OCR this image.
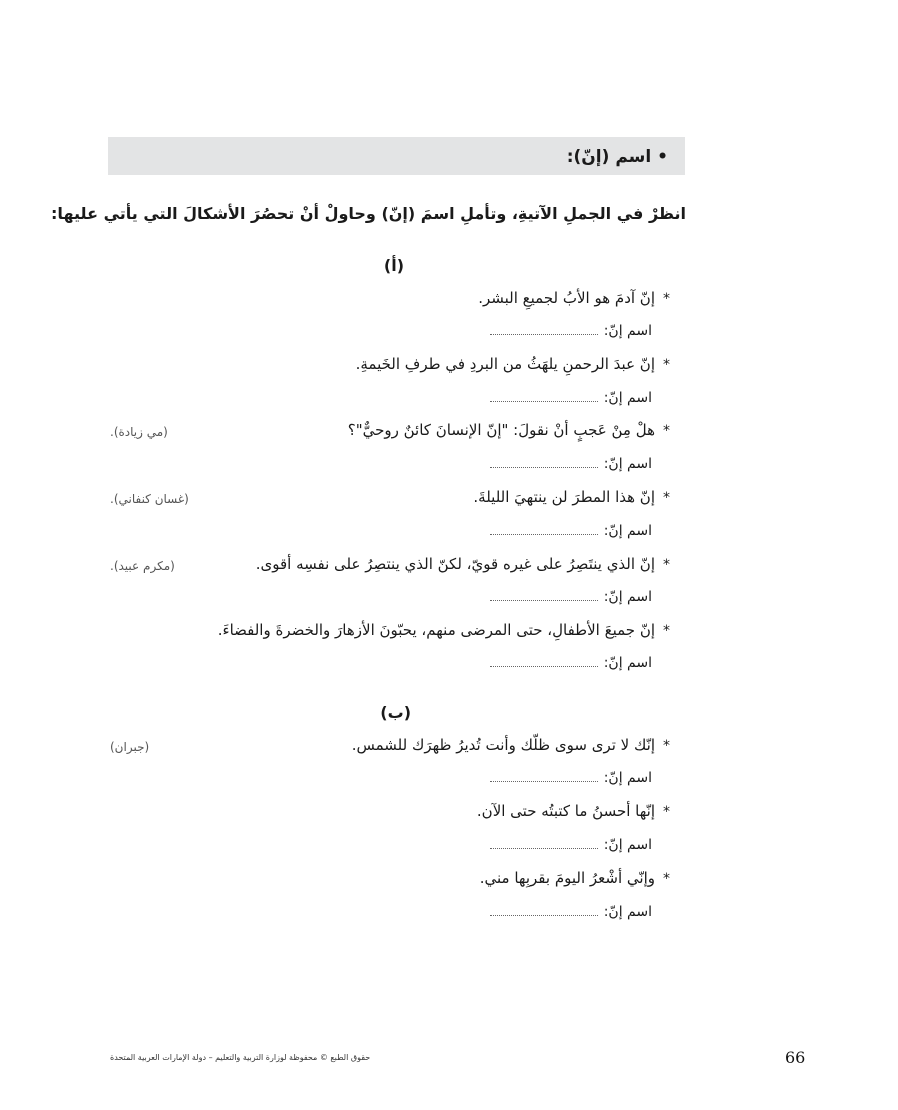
• اسم (إنّ):
انظرْ في الجملِ الآتيةِ، وتأملِ اسمَ (إنّ) وحاولْ أنْ تحصُرَ الأشكالَ التي يأتي عليها:
(أ)
*إنّ آدمَ هو الأبُ لجميعِ البشر.
اسم إنّ:
*إنّ عبدَ الرحمنِ يلهَثُ من البردِ في طرفِ الخَيمةِ.
اسم إنّ:
*هلْ مِنْ عَجبٍ أنْ نقولَ: "إنّ الإنسانَ كائنٌ روحيٌّ"؟
(مي زيادة).
اسم إنّ:
*إنّ هذا المطرَ لن ينتهيَ الليلةَ.
(غسان كنفاني).
اسم إنّ:
*إنّ الذي ينتَصِرُ على غيره قويّ، لكنّ الذي ينتصِرُ على نفسِه أقوى.
(مكرم عبيد).
اسم إنّ:
*إنّ جميعَ الأطفالِ، حتى المرضى منهم، يحبّونَ الأزهارَ والخضرةَ والفضاءَ.
اسم إنّ:
(ب)
*إنّك لا ترى سوى ظلّك وأنت تُديرُ ظهرَك للشمس.
(جبران)
اسم إنّ:
*إنّها أحسنُ ما كتبتُه حتى الآن.
اسم إنّ:
*وإنّي أشْعرُ اليومَ بقربِها مني.
اسم إنّ:
حقوق الطبع © محفوظة لوزارة التربية والتعليم – دولة الإمارات العربية المتحدة	66
